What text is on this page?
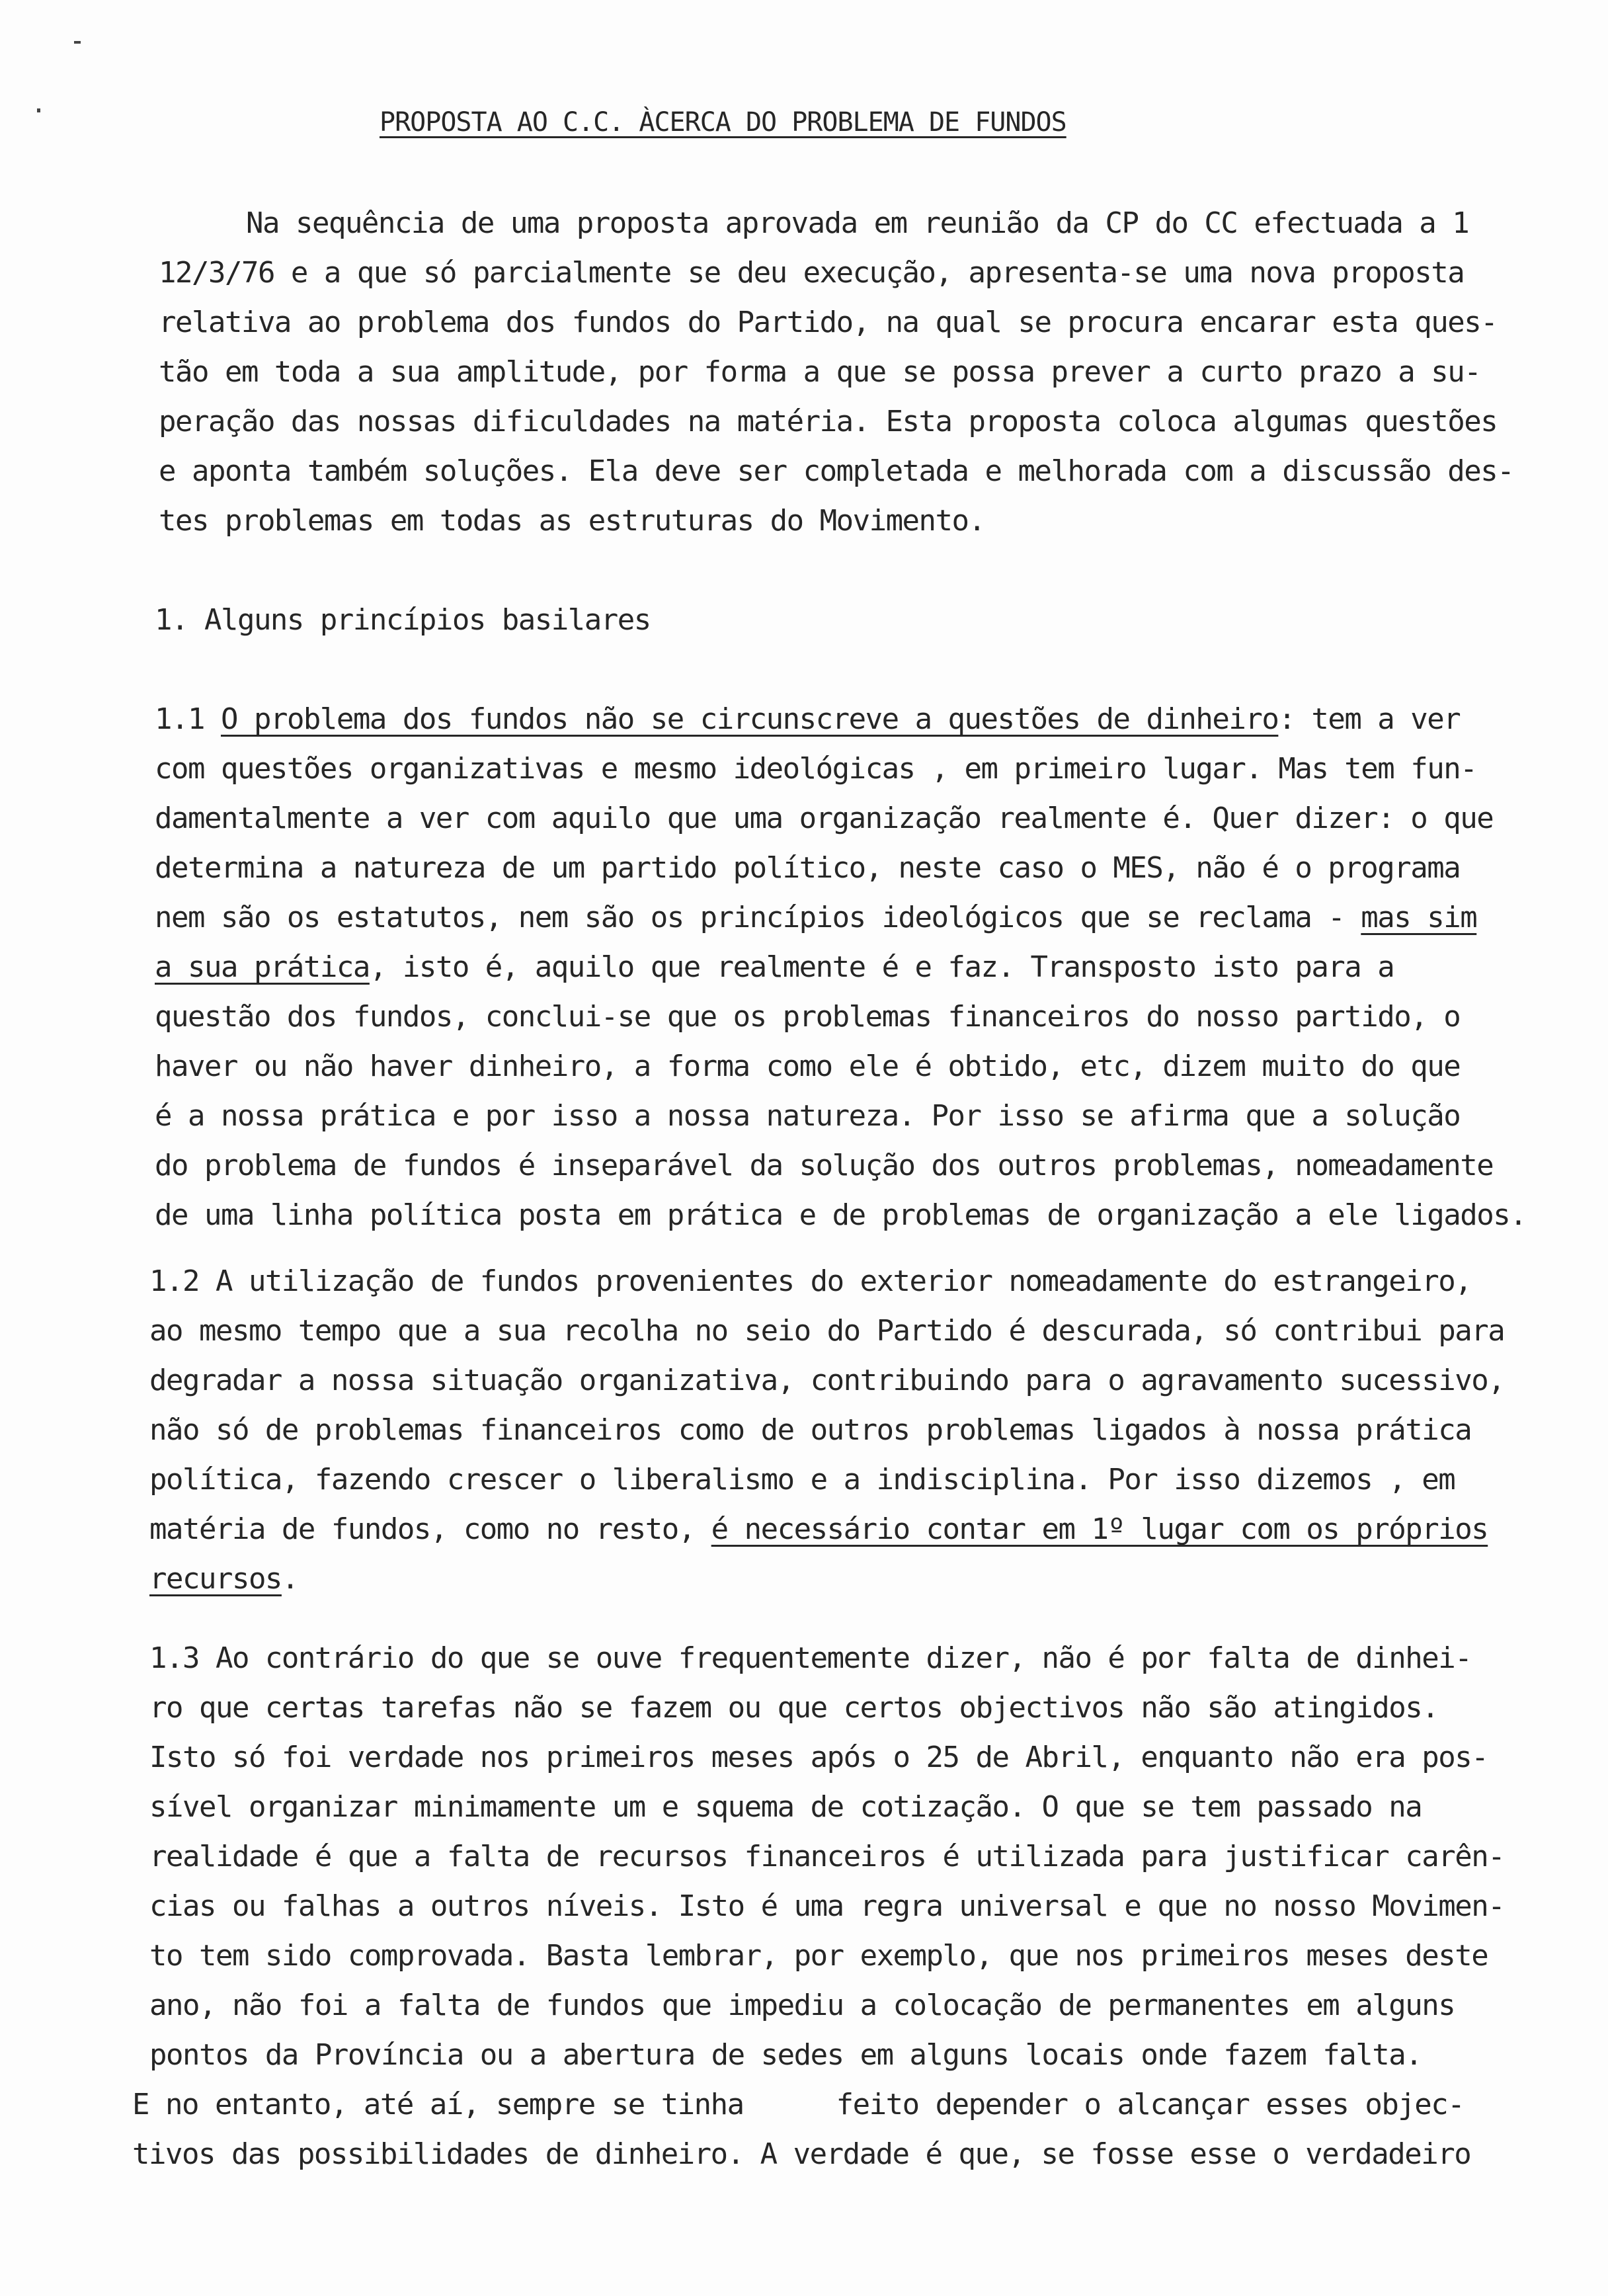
PROPOSTA AO C.C. ÀCERCA DO PROBLEMA DE FUNDOS
Na sequência de uma proposta aprovada em reunião da CP do CC efectuada a 1
12/3/76 e a que só parcialmente se deu execução, apresenta-se uma nova proposta
relativa ao problema dos fundos do Partido, na qual se procura encarar esta ques-
tão em toda a sua amplitude, por forma a que se possa prever a curto prazo a su-
peração das nossas dificuldades na matéria. Esta proposta coloca algumas questões
e aponta também soluções. Ela deve ser completada e melhorada com a discussão des-
tes problemas em todas as estruturas do Movimento.
1. Alguns princípios basilares
1.1 O problema dos fundos não se circunscreve a questões de dinheiro: tem a ver
com questões organizativas e mesmo ideológicas , em primeiro lugar. Mas tem fun-
damentalmente a ver com aquilo que uma organização realmente é. Quer dizer: o que
determina a natureza de um partido político, neste caso o MES, não é o programa
nem são os estatutos, nem são os princípios ideológicos que se reclama - mas sim
a sua prática, isto é, aquilo que realmente é e faz. Transposto isto para a
questão dos fundos, conclui-se que os problemas financeiros do nosso partido, o
haver ou não haver dinheiro, a forma como ele é obtido, etc, dizem muito do que
é a nossa prática e por isso a nossa natureza. Por isso se afirma que a solução
do problema de fundos é inseparável da solução dos outros problemas, nomeadamente
de uma linha política posta em prática e de problemas de organização a ele ligados.
1.2 A utilização de fundos provenientes do exterior nomeadamente do estrangeiro,
ao mesmo tempo que a sua recolha no seio do Partido é descurada, só contribui para
degradar a nossa situação organizativa, contribuindo para o agravamento sucessivo,
não só de problemas financeiros como de outros problemas ligados à nossa prática
política, fazendo crescer o liberalismo e a indisciplina. Por isso dizemos , em
matéria de fundos, como no resto, é necessário contar em 1º lugar com os próprios
recursos.
1.3 Ao contrário do que se ouve frequentemente dizer, não é por falta de dinhei-
ro que certas tarefas não se fazem ou que certos objectivos não são atingidos.
Isto só foi verdade nos primeiros meses após o 25 de Abril, enquanto não era pos-
sível organizar minimamente um e squema de cotização. O que se tem passado na
realidade é que a falta de recursos financeiros é utilizada para justificar carên-
cias ou falhas a outros níveis. Isto é uma regra universal e que no nosso Movimen-
to tem sido comprovada. Basta lembrar, por exemplo, que nos primeiros meses deste
ano, não foi a falta de fundos que impediu a colocação de permanentes em alguns
pontos da Província ou a abertura de sedes em alguns locais onde fazem falta.
E no entanto, até aí, sempre se tinha	feito depender o alcançar esses objec-
tivos das possibilidades de dinheiro. A verdade é que, se fosse esse o verdadeiro
